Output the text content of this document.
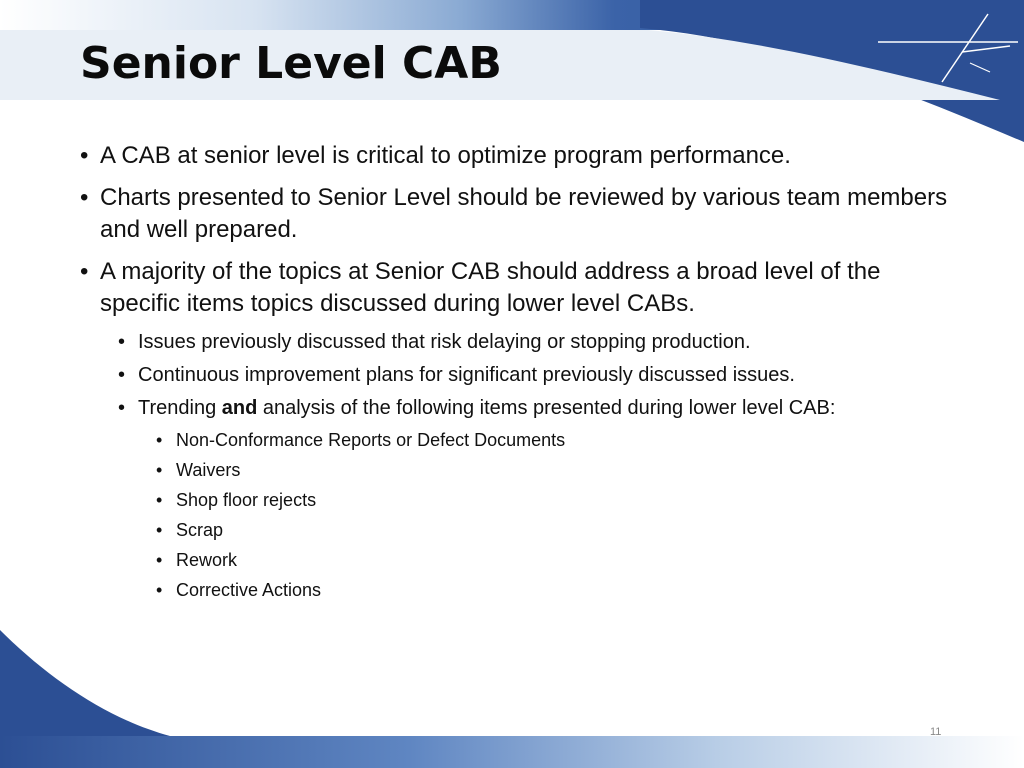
Senior Level CAB
• A CAB at senior level is critical to optimize program performance.
• Charts presented to Senior Level should be reviewed by various team members and well prepared.
• A majority of the topics at Senior CAB should address a broad level of the specific items topics discussed during lower level CABs.
• Issues previously discussed that risk delaying or stopping production.
• Continuous improvement plans for significant previously discussed issues.
• Trending and analysis of the following items presented during lower level CAB:
• Non-Conformance Reports or Defect Documents
• Waivers
• Shop floor rejects
• Scrap
• Rework
• Corrective Actions
11
